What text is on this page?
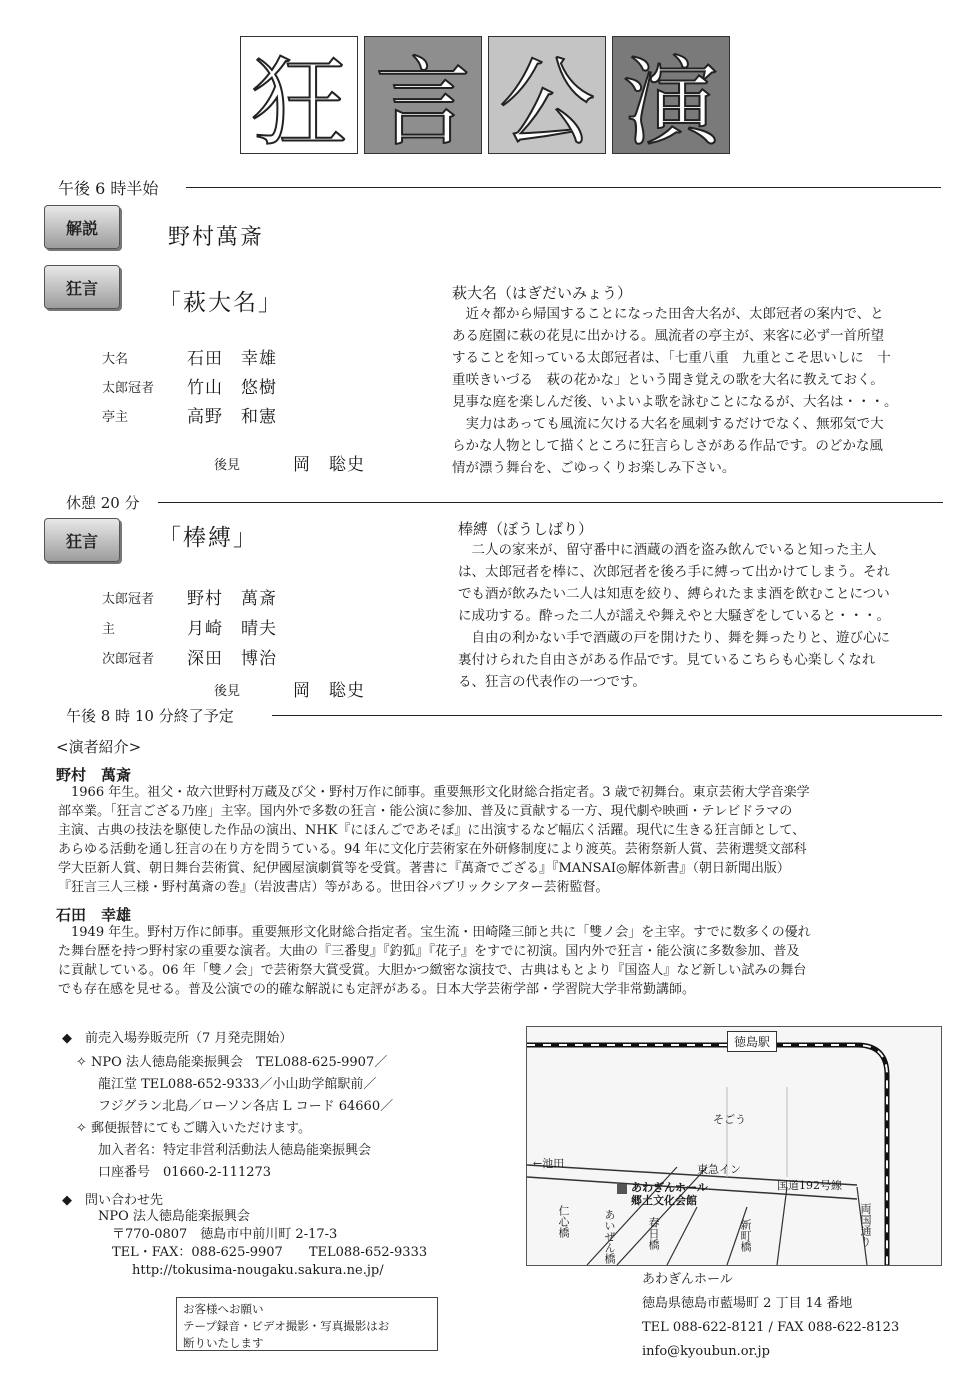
狂 言 公 演
午後 6 時半始
解説	野村萬斎
狂言
「萩大名」
大名	石田　幸雄
太郎冠者 竹山　悠樹
亭主	高野　和憲
後見	岡　聡史
萩大名（はぎだいみょう）
　近々都から帰国することになった田舎大名が、太郎冠者の案内で、と
ある庭園に萩の花見に出かける。風流者の亭主が、来客に必ず一首所望
することを知っている太郎冠者は、「七重八重　九重とこそ思いしに　十
重咲きいづる　萩の花かな」という聞き覚えの歌を大名に教えておく。
見事な庭を楽しんだ後、いよいよ歌を詠むことになるが、大名は・・・。
　実力はあっても風流に欠ける大名を風刺するだけでなく、無邪気で大
らかな人物として描くところに狂言らしさがある作品です。のどかな風
情が漂う舞台を、ごゆっくりお楽しみ下さい。
休憩 20 分
狂言	「棒縛」
太郎冠者 野村　萬斎
主	月崎　晴夫
次郎冠者 深田　博治
後見	岡　聡史
棒縛（ぼうしばり）
　二人の家来が、留守番中に酒蔵の酒を盗み飲んでいると知った主人
は、太郎冠者を棒に、次郎冠者を後ろ手に縛って出かけてしまう。それ
でも酒が飲みたい二人は知恵を絞り、縛られたまま酒を飲むことについ
に成功する。酔った二人が謡えや舞えやと大騒ぎをしていると・・・。
　自由の利かない手で酒蔵の戸を開けたり、舞を舞ったりと、遊び心に
裏付けられた自由さがある作品です。見ているこちらも心楽しくなれ
る、狂言の代表作の一つです。
午後 8 時 10 分終了予定
<演者紹介>
野村　萬斎
　1966 年生。祖父・故六世野村万蔵及び父・野村万作に師事。重要無形文化財総合指定者。3 歳で初舞台。東京芸術大学音楽学
部卒業。「狂言ござる乃座」主宰。国内外で多数の狂言・能公演に参加、普及に貢献する一方、現代劇や映画・テレビドラマの
主演、古典の技法を駆使した作品の演出、NHK『にほんごであそぼ』に出演するなど幅広く活躍。現代に生きる狂言師として、
あらゆる活動を通し狂言の在り方を問うている。94 年に文化庁芸術家在外研修制度により渡英。芸術祭新人賞、芸術選奨文部科
学大臣新人賞、朝日舞台芸術賞、紀伊國屋演劇賞等を受賞。著書に『萬斎でござる』『MANSAI◎解体新書』（朝日新聞出版）
『狂言三人三様・野村萬斎の巻』（岩波書店）等がある。世田谷パブリックシアター芸術監督。
石田　幸雄
　1949 年生。野村万作に師事。重要無形文化財総合指定者。宝生流・田崎隆三師と共に「雙ノ会」を主宰。すでに数多くの優れ
た舞台歴を持つ野村家の重要な演者。大曲の『三番叟』『釣狐』『花子』をすでに初演。国内外で狂言・能公演に多数参加、普及
に貢献している。06 年「雙ノ会」で芸術祭大賞受賞。大胆かつ緻密な演技で、古典はもとより『国盗人』など新しい試みの舞台
でも存在感を見せる。普及公演での的確な解説にも定評がある。日本大学芸術学部・学習院大学非常勤講師。
◆　前売入場券販売所（7 月発売開始）
✧ NPO 法人徳島能楽振興会　TEL088-625-9907／
龍江堂 TEL088-652-9333／小山助学館駅前／
フジグラン北島／ローソン各店 L コード 64660／
✧ 郵便振替にてもご購入いただけます。
加入者名：特定非営利活動法人徳島能楽振興会
口座番号　01660-2-111273
◆　問い合わせ先
NPO 法人徳島能楽振興会
〒770-0807　徳島市中前川町 2-17-3
TEL・FAX：088-625-9907　　TEL088-652-9333
http://tokusima-nougaku.sakura.ne.jp/
お客様へお願い
テープ録音・ビデオ撮影・写真撮影はお
断りいたします
徳島駅
そごう
←池田	東急イン
国道192号線
あわぎんホール
郷土文化会館
仁心橋	あいぜん橋	春日橋	新町橋	両国通り
あわぎんホール
徳島県徳島市藍場町 2 丁目 14 番地
TEL 088-622-8121 / FAX 088-622-8123
info@kyoubun.or.jp
